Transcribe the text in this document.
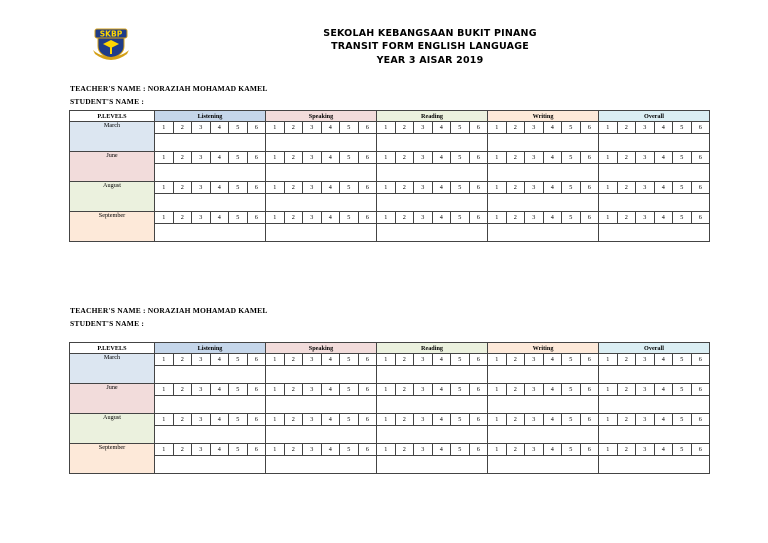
SKBP	SEKOLAH KEBANGSAAN BUKIT PINANG
TRANSIT FORM ENGLISH LANGUAGE
YEAR 3 AISAR 2019
TEACHER'S NAME : NORAZIAH MOHAMAD KAMEL
STUDENT'S NAME :
TEACHER'S NAME : NORAZIAH MOHAMAD KAMEL
STUDENT'S NAME :
P.LEVELS	Listening						Speaking						Reading						Writing						Overall					
March	1	2	3	4	5	6	1	2	3	4	5	6	1	2	3	4	5	6	1	2	3	4	5	6	1	2	3	4	5	6

June	1	2	3	4	5	6	1	2	3	4	5	6	1	2	3	4	5	6	1	2	3	4	5	6	1	2	3	4	5	6

August	1	2	3	4	5	6	1	2	3	4	5	6	1	2	3	4	5	6	1	2	3	4	5	6	1	2	3	4	5	6

September	1	2	3	4	5	6	1	2	3	4	5	6	1	2	3	4	5	6	1	2	3	4	5	6	1	2	3	4	5	6

P.LEVELS	Listening						Speaking						Reading						Writing						Overall					
March	1	2	3	4	5	6	1	2	3	4	5	6	1	2	3	4	5	6	1	2	3	4	5	6	1	2	3	4	5	6

June	1	2	3	4	5	6	1	2	3	4	5	6	1	2	3	4	5	6	1	2	3	4	5	6	1	2	3	4	5	6

August	1	2	3	4	5	6	1	2	3	4	5	6	1	2	3	4	5	6	1	2	3	4	5	6	1	2	3	4	5	6

September	1	2	3	4	5	6	1	2	3	4	5	6	1	2	3	4	5	6	1	2	3	4	5	6	1	2	3	4	5	6
